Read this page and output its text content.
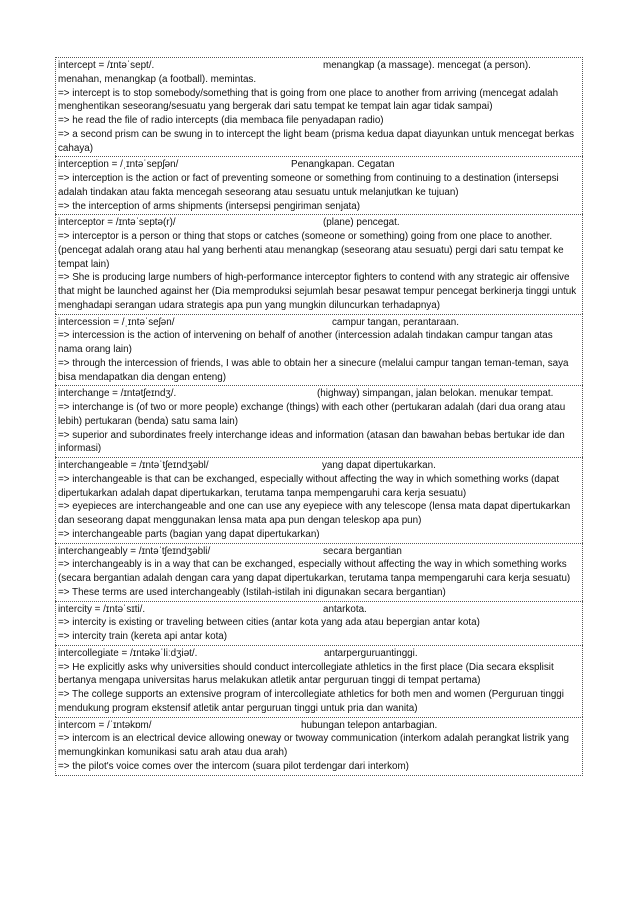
intercept = /ɪntəˈsept/.	menangkap (a massage). mencegat (a person).
menahan, menangkap (a football). memintas.
=> intercept is to stop somebody/something that is going from one place to another from arriving (mencegat adalah menghentikan seseorang/sesuatu yang bergerak dari satu tempat ke tempat lain agar tidak sampai)
=> he read the file of radio intercepts (dia membaca file penyadapan radio)
=> a second prism can be swung in to intercept the light beam (prisma kedua dapat diayunkan untuk mencegat berkas cahaya)
interception = /ˌɪntəˈsepʃən/	Penangkapan. Cegatan
=> interception is the action or fact of preventing someone or something from continuing to a destination (intersepsi adalah tindakan atau fakta mencegah seseorang atau sesuatu untuk melanjutkan ke tujuan)
=> the interception of arms shipments (intersepsi pengiriman senjata)
interceptor = /ɪntəˈseptə(r)/	(plane) pencegat.
=> interceptor is a person or thing that stops or catches (someone or something) going from one place to another. (pencegat adalah orang atau hal yang berhenti atau menangkap (seseorang atau sesuatu) pergi dari satu tempat ke tempat lain)
=> She is producing large numbers of high-performance interceptor fighters to contend with any strategic air offensive that might be launched against her (Dia memproduksi sejumlah besar pesawat tempur pencegat berkinerja tinggi untuk menghadapi serangan udara strategis apa pun yang mungkin diluncurkan terhadapnya)
intercession = /ˌɪntəˈseʃən/	campur tangan, perantaraan.
=> intercession is the action of intervening on behalf of another (intercession adalah tindakan campur tangan atas nama orang lain)
=> through the intercession of friends, I was able to obtain her a sinecure (melalui campur tangan teman-teman, saya bisa mendapatkan dia dengan enteng)
interchange = /ɪntətʃeɪndʒ/.	(highway) simpangan, jalan belokan. menukar tempat.
=> interchange is (of two or more people) exchange (things) with each other (pertukaran adalah (dari dua orang atau lebih) pertukaran (benda) satu sama lain)
=> superior and subordinates freely interchange ideas and information (atasan dan bawahan bebas bertukar ide dan informasi)
interchangeable = /ɪntəˈtʃeɪndʒəbl/	yang dapat dipertukarkan.
=> interchangeable is that can be exchanged, especially without affecting the way in which something works (dapat dipertukarkan adalah dapat dipertukarkan, terutama tanpa mempengaruhi cara kerja sesuatu)
=> eyepieces are interchangeable and one can use any eyepiece with any telescope (lensa mata dapat dipertukarkan dan seseorang dapat menggunakan lensa mata apa pun dengan teleskop apa pun)
=> interchangeable parts (bagian yang dapat dipertukarkan)
interchangeably = /ɪntəˈtʃeɪndʒəbli/	secara bergantian
=> interchangeably is in a way that can be exchanged, especially without affecting the way in which something works (secara bergantian adalah dengan cara yang dapat dipertukarkan, terutama tanpa mempengaruhi cara kerja sesuatu)
=> These terms are used interchangeably (Istilah-istilah ini digunakan secara bergantian)
intercity = /ɪntəˈsɪti/.	antarkota.
=> intercity is existing or traveling between cities (antar kota yang ada atau bepergian antar kota)
=> intercity train (kereta api antar kota)
intercollegiate = /ɪntəkəˈliːdʒiət/.	antarperguruantinggi.
=> He explicitly asks why universities should conduct intercollegiate athletics in the first place (Dia secara eksplisit bertanya mengapa universitas harus melakukan atletik antar perguruan tinggi di tempat pertama)
=> The college supports an extensive program of intercollegiate athletics for both men and women (Perguruan tinggi mendukung program ekstensif atletik antar perguruan tinggi untuk pria dan wanita)
intercom = /ˈɪntəkɒm/	hubungan telepon antarbagian.
=> intercom is an electrical device allowing oneway or twoway communication (interkom adalah perangkat listrik yang memungkinkan komunikasi satu arah atau dua arah)
=> the pilot's voice comes over the intercom (suara pilot terdengar dari interkom)
